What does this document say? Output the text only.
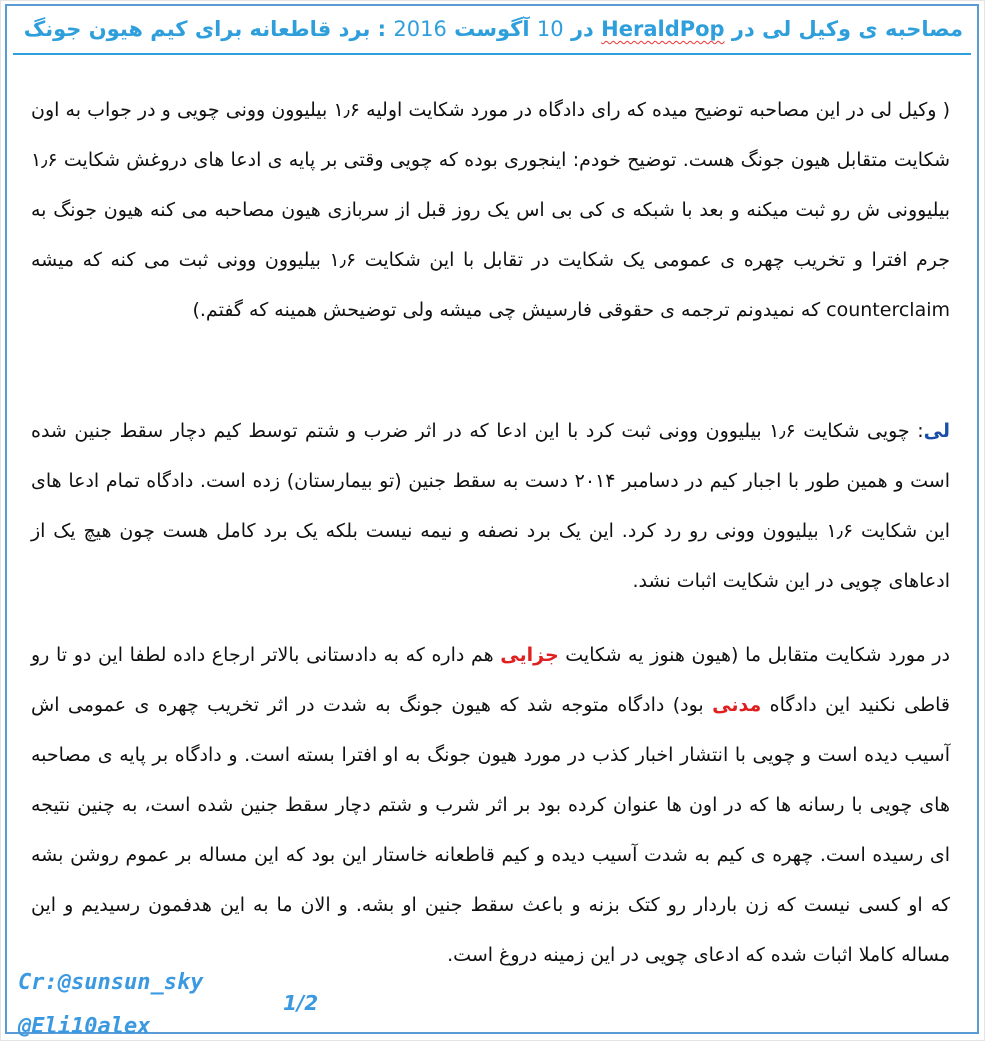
مصاحبه ی وکیل لی در HeraldPop در 10 آگوست 2016 : برد قاطعانه برای کیم هیون جونگ
( وکیل لی در این مصاحبه توضیح میده که رای دادگاه در مورد شکایت اولیه ۱٫۶ بیلیوون وونی چویی و در جواب به اون شکایت متقابل هیون جونگ هست. توضیح خودم: اینجوری بوده که چویی وقتی بر پایه ی ادعا های دروغش شکایت ۱٫۶ بیلیوونی ش رو ثبت میکنه و بعد با شبکه ی کی بی اس یک روز قبل از سربازی هیون مصاحبه می کنه هیون جونگ به جرم افترا و تخریب چهره ی عمومی یک شکایت در تقابل با این شکایت ۱٫۶ بیلیوون وونی ثبت می کنه که میشه counterclaim که نمیدونم ترجمه ی حقوقی فارسیش چی میشه ولی توضیحش همینه که گفتم.)
لی: چویی شکایت ۱٫۶ بیلیوون وونی ثبت کرد با این ادعا که در اثر ضرب و شتم توسط کیم دچار سقط جنین شده است و همین طور با اجبار کیم در دسامبر ۲۰۱۴ دست به سقط جنین (تو بیمارستان) زده است. دادگاه تمام ادعا های این شکایت ۱٫۶ بیلیوون وونی رو رد کرد. این یک برد نصفه و نیمه نیست بلکه یک برد کامل هست چون هیچ یک از ادعاهای چویی در این شکایت اثبات نشد.
در مورد شکایت متقابل ما (هیون هنوز یه شکایت جزایی هم داره که به دادستانی بالاتر ارجاع داده لطفا این دو تا رو قاطی نکنید این دادگاه مدنی بود) دادگاه متوجه شد که هیون جونگ به شدت در اثر تخریب چهره ی عمومی اش آسیب دیده است و چویی با انتشار اخبار کذب در مورد هیون جونگ به او افترا بسته است. و دادگاه بر پایه ی مصاحبه های چویی با رسانه ها که در اون ها عنوان کرده بود بر اثر شرب و شتم دچار سقط جنین شده است، به چنین نتیجه ای رسیده است. چهره ی کیم به شدت آسیب دیده و کیم قاطعانه خاستار این بود که این مساله بر عموم روشن بشه که او کسی نیست که زن باردار رو کتک بزنه و باعث سقط جنین او بشه. و الان ما به این هدفمون رسیدیم و این مساله کاملا اثبات شده که ادعای چویی در این زمینه دروغ است.
Cr:@sunsun_sky
@Eli10alex
1/2
